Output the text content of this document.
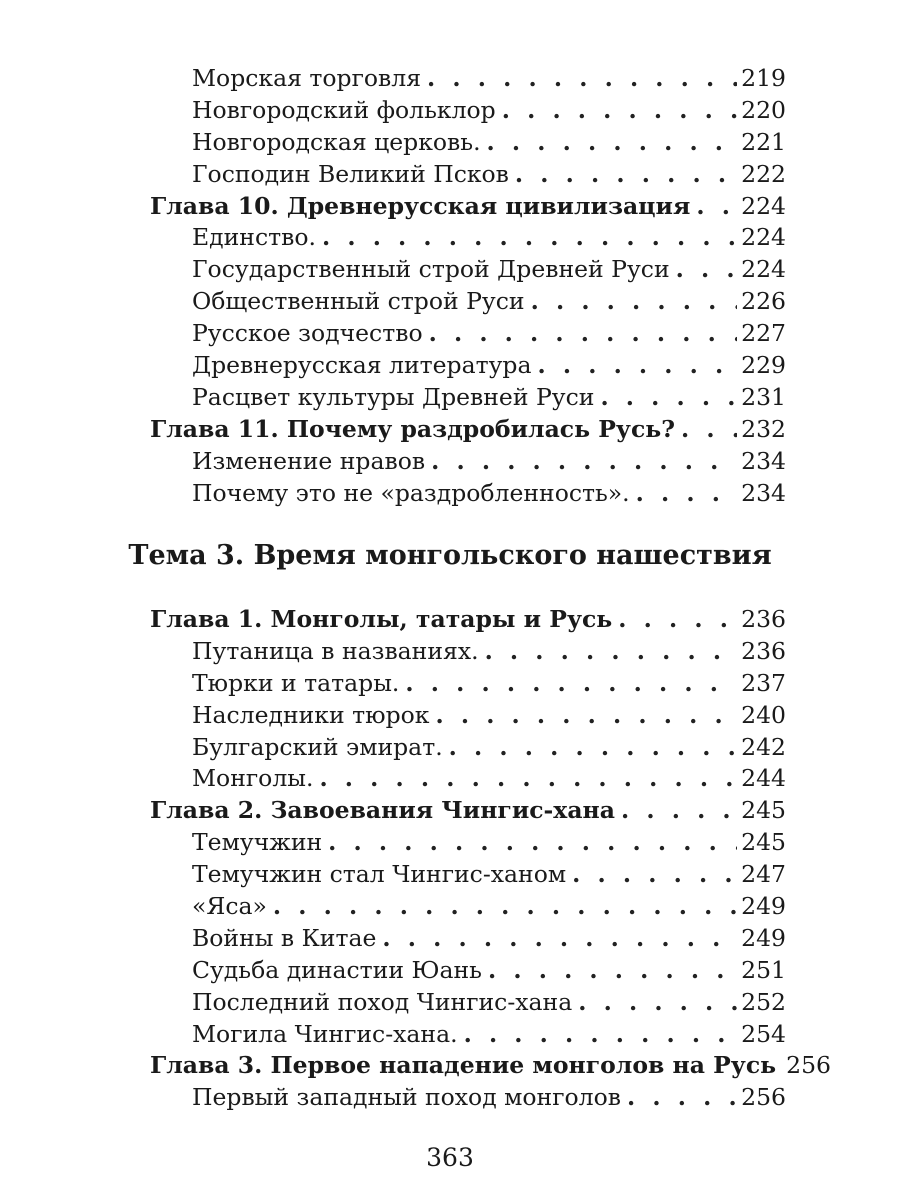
Морская торговля . . .	219
Новгородский фольклор . . .	220
Новгородская церковь. . . .	221
Господин Великий Псков . . .	222
Глава 10. Древнерусская цивилизация . . . 224
Единство. . . .	224
Государственный строй Древней Руси . . .	224
Общественный строй Руси . . .	226
Русское зодчество . . .	227
Древнерусская литература . . .	229
Расцвет культуры Древней Руси . . .	231
Глава 11. Почему раздробилась Русь? . . .	232
Изменение нравов . . .	234
Почему это не «раздробленность». . . .	234
Тема 3. Время монгольского нашествия
Глава 1. Монголы, татары и Русь . . .	236
Путаница в названиях. . . .	236
Тюрки и татары. . . .	237
Наследники тюрок . . .	240
Булгарский эмират. . . .	242
Монголы. . . .	244
Глава 2. Завоевания Чингис-хана . . .	245
Темучжин . . .	245
Темучжин стал Чингис-ханом . . .	247
«Яса» . . .	249
Войны в Китае . . .	249
Судьба династии Юань . . .	251
Последний поход Чингис-хана . . .	252
Могила Чингис-хана. . . .	254
Глава 3. Первое нападение монголов на Русь 256
Первый западный поход монголов . . .	256
363
